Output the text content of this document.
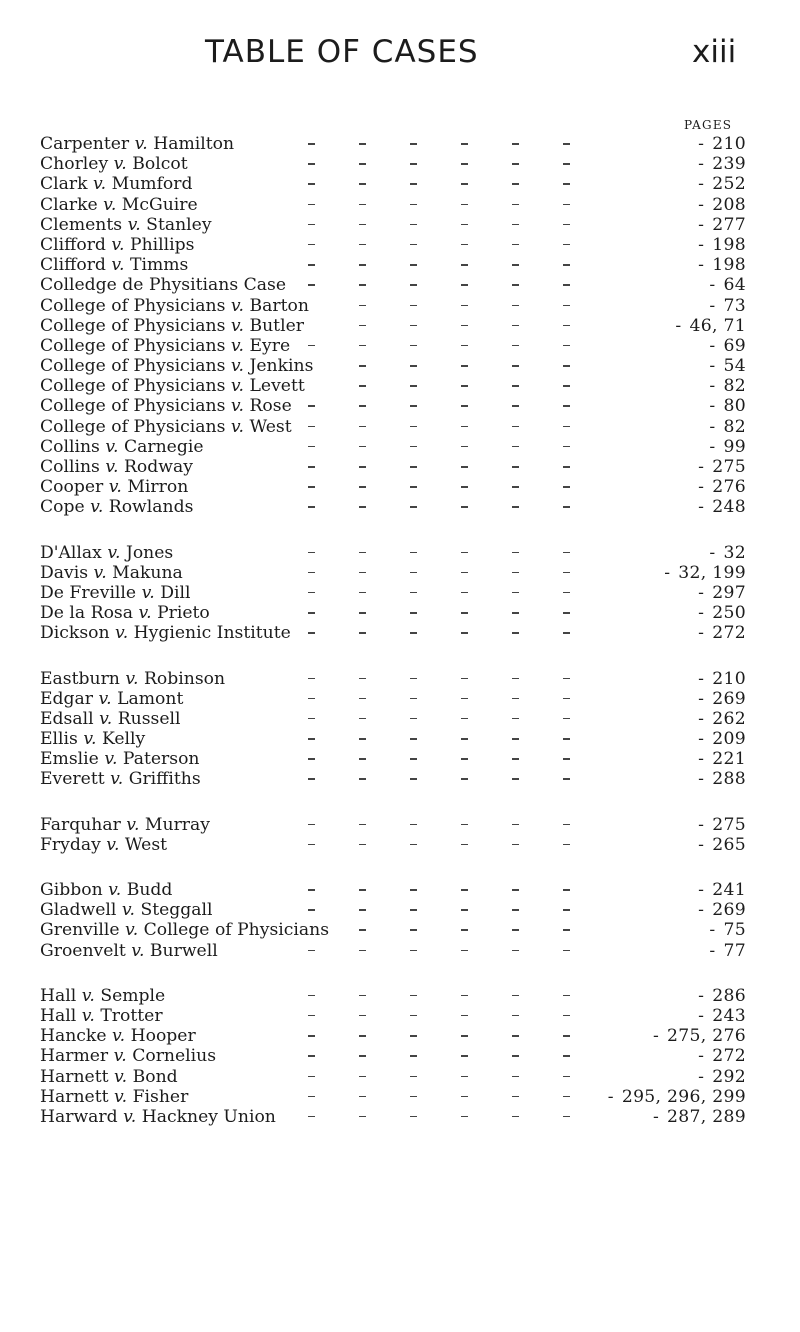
TABLE OF CASES	xiii
PAGES
Carpenter v. Hamilton	- 210
Chorley v. Bolcot	- 239
Clark v. Mumford	- 252
Clarke v. McGuire	- 208
Clements v. Stanley	- 277
Clifford v. Phillips	- 198
Clifford v. Timms	- 198
Colledge de Physitians Case	- 64
College of Physicians v. Barton	- 73
College of Physicians v. Butler	- 46, 71
College of Physicians v. Eyre	- 69
College of Physicians v. Jenkins	- 54
College of Physicians v. Levett	- 82
College of Physicians v. Rose	- 80
College of Physicians v. West	- 82
Collins v. Carnegie	- 99
Collins v. Rodway	- 275
Cooper v. Mirron	- 276
Cope v. Rowlands	- 248
D'Allax v. Jones	- 32
Davis v. Makuna	- 32, 199
De Freville v. Dill	- 297
De la Rosa v. Prieto	- 250
Dickson v. Hygienic Institute	- 272
Eastburn v. Robinson	- 210
Edgar v. Lamont	- 269
Edsall v. Russell	- 262
Ellis v. Kelly	- 209
Emslie v. Paterson	- 221
Everett v. Griffiths	- 288
Farquhar v. Murray	- 275
Fryday v. West	- 265
Gibbon v. Budd	- 241
Gladwell v. Steggall	- 269
Grenville v. College of Physicians	- 75
Groenvelt v. Burwell	- 77
Hall v. Semple	- 286
Hall v. Trotter	- 243
Hancke v. Hooper	- 275, 276
Harmer v. Cornelius	- 272
Harnett v. Bond	- 292
Harnett v. Fisher	- 295, 296, 299
Harward v. Hackney Union	- 287, 289
